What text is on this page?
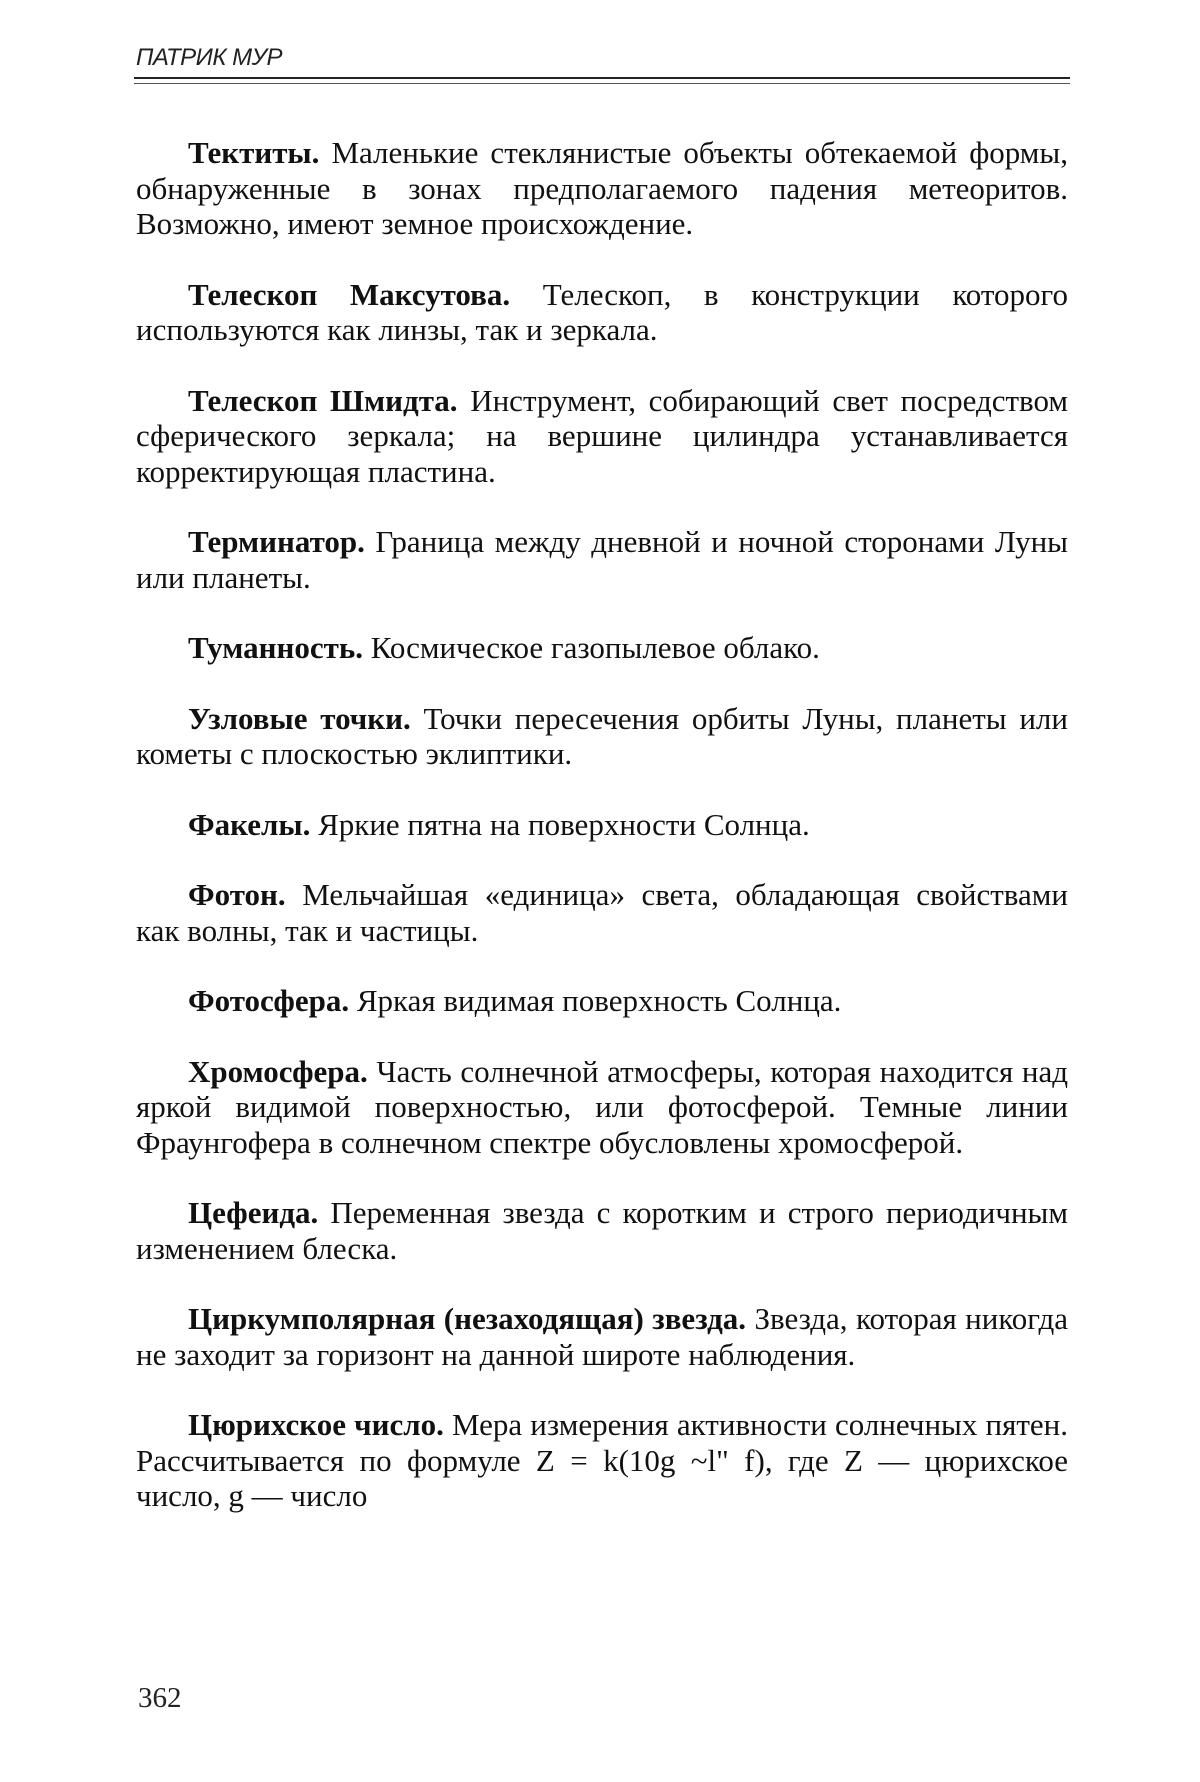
ПАТРИК МУР

Тектиты. Маленькие стеклянистые объекты обтекаемой формы, обнаруженные в зонах предполагаемого падения метеоритов. Возможно, имеют земное происхождение.

Телескоп Максутова. Телескоп, в конструкции которого используются как линзы, так и зеркала.

Телескоп Шмидта. Инструмент, собирающий свет посредством сферического зеркала; на вершине цилиндра устанавливается корректирующая пластина.

Терминатор. Граница между дневной и ночной сторонами Луны или планеты.

Туманность. Космическое газопылевое облако.

Узловые точки. Точки пересечения орбиты Луны, планеты или кометы с плоскостью эклиптики.

Факелы. Яркие пятна на поверхности Солнца.

Фотон. Мельчайшая «единица» света, обладающая свойствами как волны, так и частицы.

Фотосфера. Яркая видимая поверхность Солнца.

Хромосфера. Часть солнечной атмосферы, которая находится над яркой видимой поверхностью, или фотосферой. Темные линии Фраунгофера в солнечном спектре обусловлены хромосферой.

Цефеида. Переменная звезда с коротким и строго периодичным изменением блеска.

Циркумполярная (незаходящая) звезда. Звезда, которая никогда не заходит за горизонт на данной широте наблюдения.

Цюрихское число. Мера измерения активности солнечных пятен. Рассчитывается по формуле Z = k(10g ~l" f), где Z — цюрихское число, g — число

362
